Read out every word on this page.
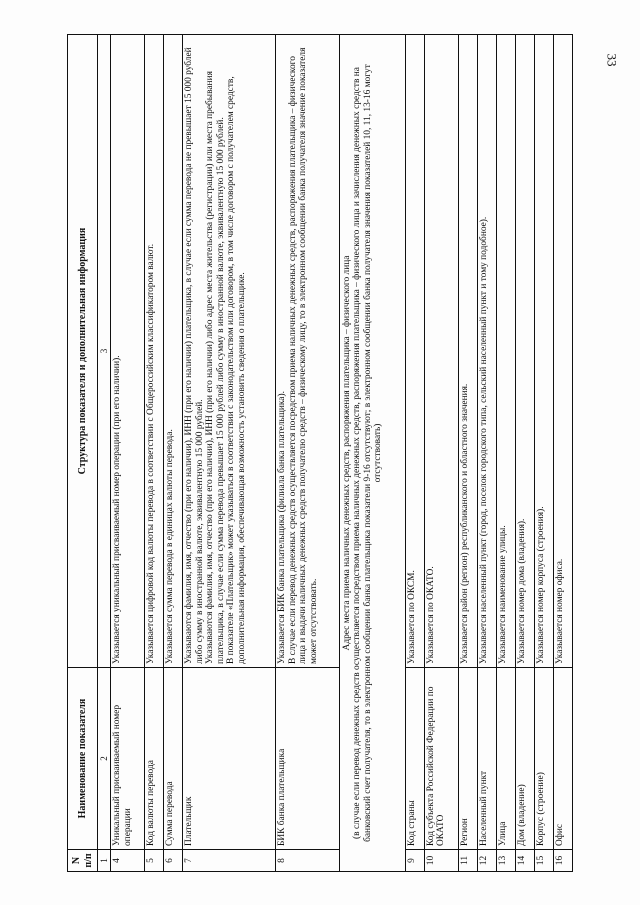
33
N п/п	Наименование показателя	Структура показателя и дополнительная информация
1	2	3
4	Уникальный присваиваемый номер операции	Указывается уникальный присваиваемый номер операции (при его наличии).
5	Код валюты перевода	Указывается цифровой код валюты перевода в соответствии с Общероссийским классификатором валют.
6	Сумма перевода	Указывается сумма перевода в единицах валюты перевода.
7	Плательщик	Указываются фамилия, имя, отчество (при его наличии), ИНН (при его наличии) плательщика, в случае если сумма перевода не превышает 15 000 рублей либо сумму в иностранной валюте, эквивалентную 15 000 рублей. Указываются фамилия, имя, отчество (при его наличии), ИНН (при его наличии) либо адрес места жительства (регистрации) или места пребывания плательщика, в случае если сумма перевода превышает 15 000 рублей либо сумму в иностранной валюте, эквивалентную 15 000 рублей. В показателе «Плательщик» может указываться в соответствии с законодательством или договором, в том числе договором с получателем средств, дополнительная информация, обеспечивающая возможность установить сведения о плательщике.

8	БИК банка плательщика	Указывается БИК банка плательщика (филиала банка плательщика). В случае если перевод денежных средств осуществляется посредством приема наличных денежных средств, распоряжения плательщика – физического лица и выдачи наличных денежных средств получателю средств – физическому лицу, то в электронном сообщении банка получателя значение показателя может отсутствовать.

Адрес места приема наличных денежных средств, распоряжения плательщика – физического лица (в случае если перевод денежных средств осуществляется посредством приема наличных денежных средств, распоряжения плательщика – физического лица и зачисления денежных средств на банковский счет получателя, то в электронном сообщении банка плательщика показатели 9-16 отсутствуют; в электронном сообщении банка получателя значения показателей 10, 11, 13-16 могут отсутствовать)		

9	Код страны	Указывается по ОКСМ.
10	Код субъекта Российской Федерации по ОКАТО	Указывается по ОКАТО.
11	Регион	Указывается район (регион) республиканского и областного значения.
12	Населенный пункт	Указывается населенный пункт (город, поселок городского типа, сельский населенный пункт и тому подобное).
13	Улица	Указывается наименование улицы.
14	Дом (владение)	Указывается номер дома (владения).
15	Корпус (строение)	Указывается номер корпуса (строения).
16	Офис	Указывается номер офиса.
